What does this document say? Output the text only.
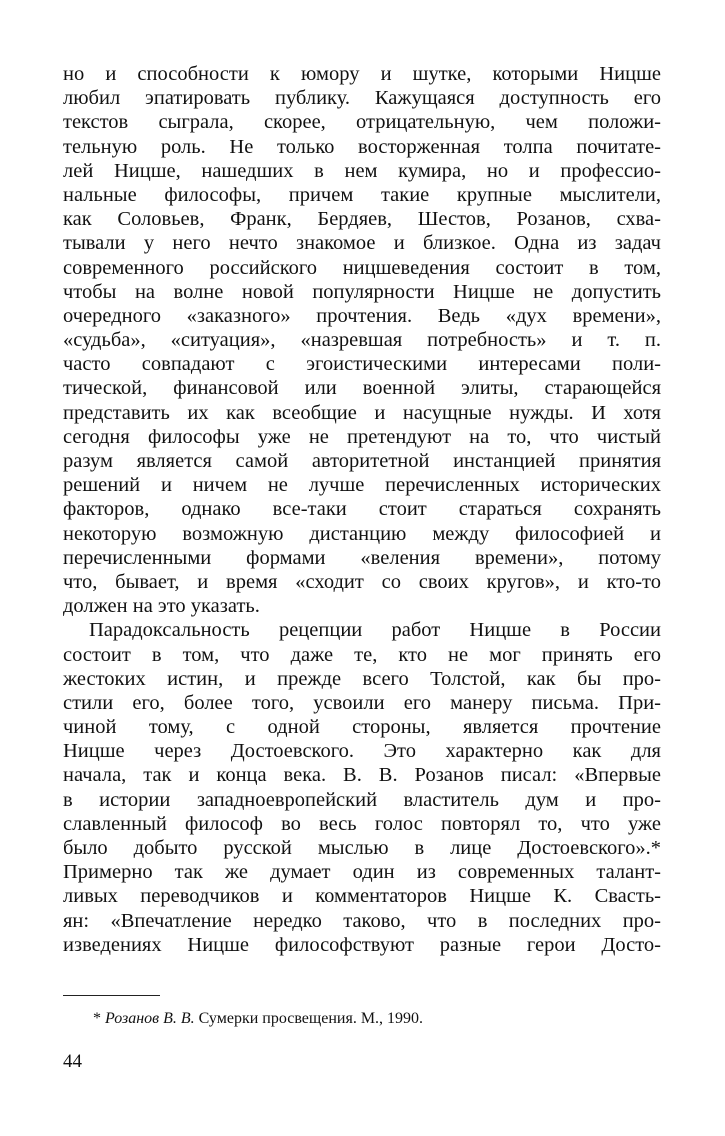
но и способности к юмору и шутке, которыми Ницше
любил эпатировать публику. Кажущаяся доступность его
текстов сыграла, скорее, отрицательную, чем положи-
тельную роль. Не только восторженная толпа почитате-
лей Ницше, нашедших в нем кумира, но и профессио-
нальные философы, причем такие крупные мыслители,
как Соловьев, Франк, Бердяев, Шестов, Розанов, схва-
тывали у него нечто знакомое и близкое. Одна из задач
современного российского ницшеведения состоит в том,
чтобы на волне новой популярности Ницше не допустить
очередного «заказного» прочтения. Ведь «дух времени»,
«судьба», «ситуация», «назревшая потребность» и т. п.
часто совпадают с эгоистическими интересами поли-
тической, финансовой или военной элиты, старающейся
представить их как всеобщие и насущные нужды. И хотя
сегодня философы уже не претендуют на то, что чистый
разум является самой авторитетной инстанцией принятия
решений и ничем не лучше перечисленных исторических
факторов, однако все-таки стоит стараться сохранять
некоторую возможную дистанцию между философией и
перечисленными формами «веления времени», потому
что, бывает, и время «сходит со своих кругов», и кто-то
должен на это указать.
Парадоксальность рецепции работ Ницше в России
состоит в том, что даже те, кто не мог принять его
жестоких истин, и прежде всего Толстой, как бы про-
стили его, более того, усвоили его манеру письма. При-
чиной тому, с одной стороны, является прочтение
Ницше через Достоевского. Это характерно как для
начала, так и конца века. В. В. Розанов писал: «Впервые
в истории западноевропейский властитель дум и про-
славленный философ во весь голос повторял то, что уже
было добыто русской мыслью в лице Достоевского».*
Примерно так же думает один из современных талант-
ливых переводчиков и комментаторов Ницше К. Свасть-
ян: «Впечатление нередко таково, что в последних про-
изведениях Ницше философствуют разные герои Досто-
* Розанов В. В. Сумерки просвещения. М., 1990.
44
